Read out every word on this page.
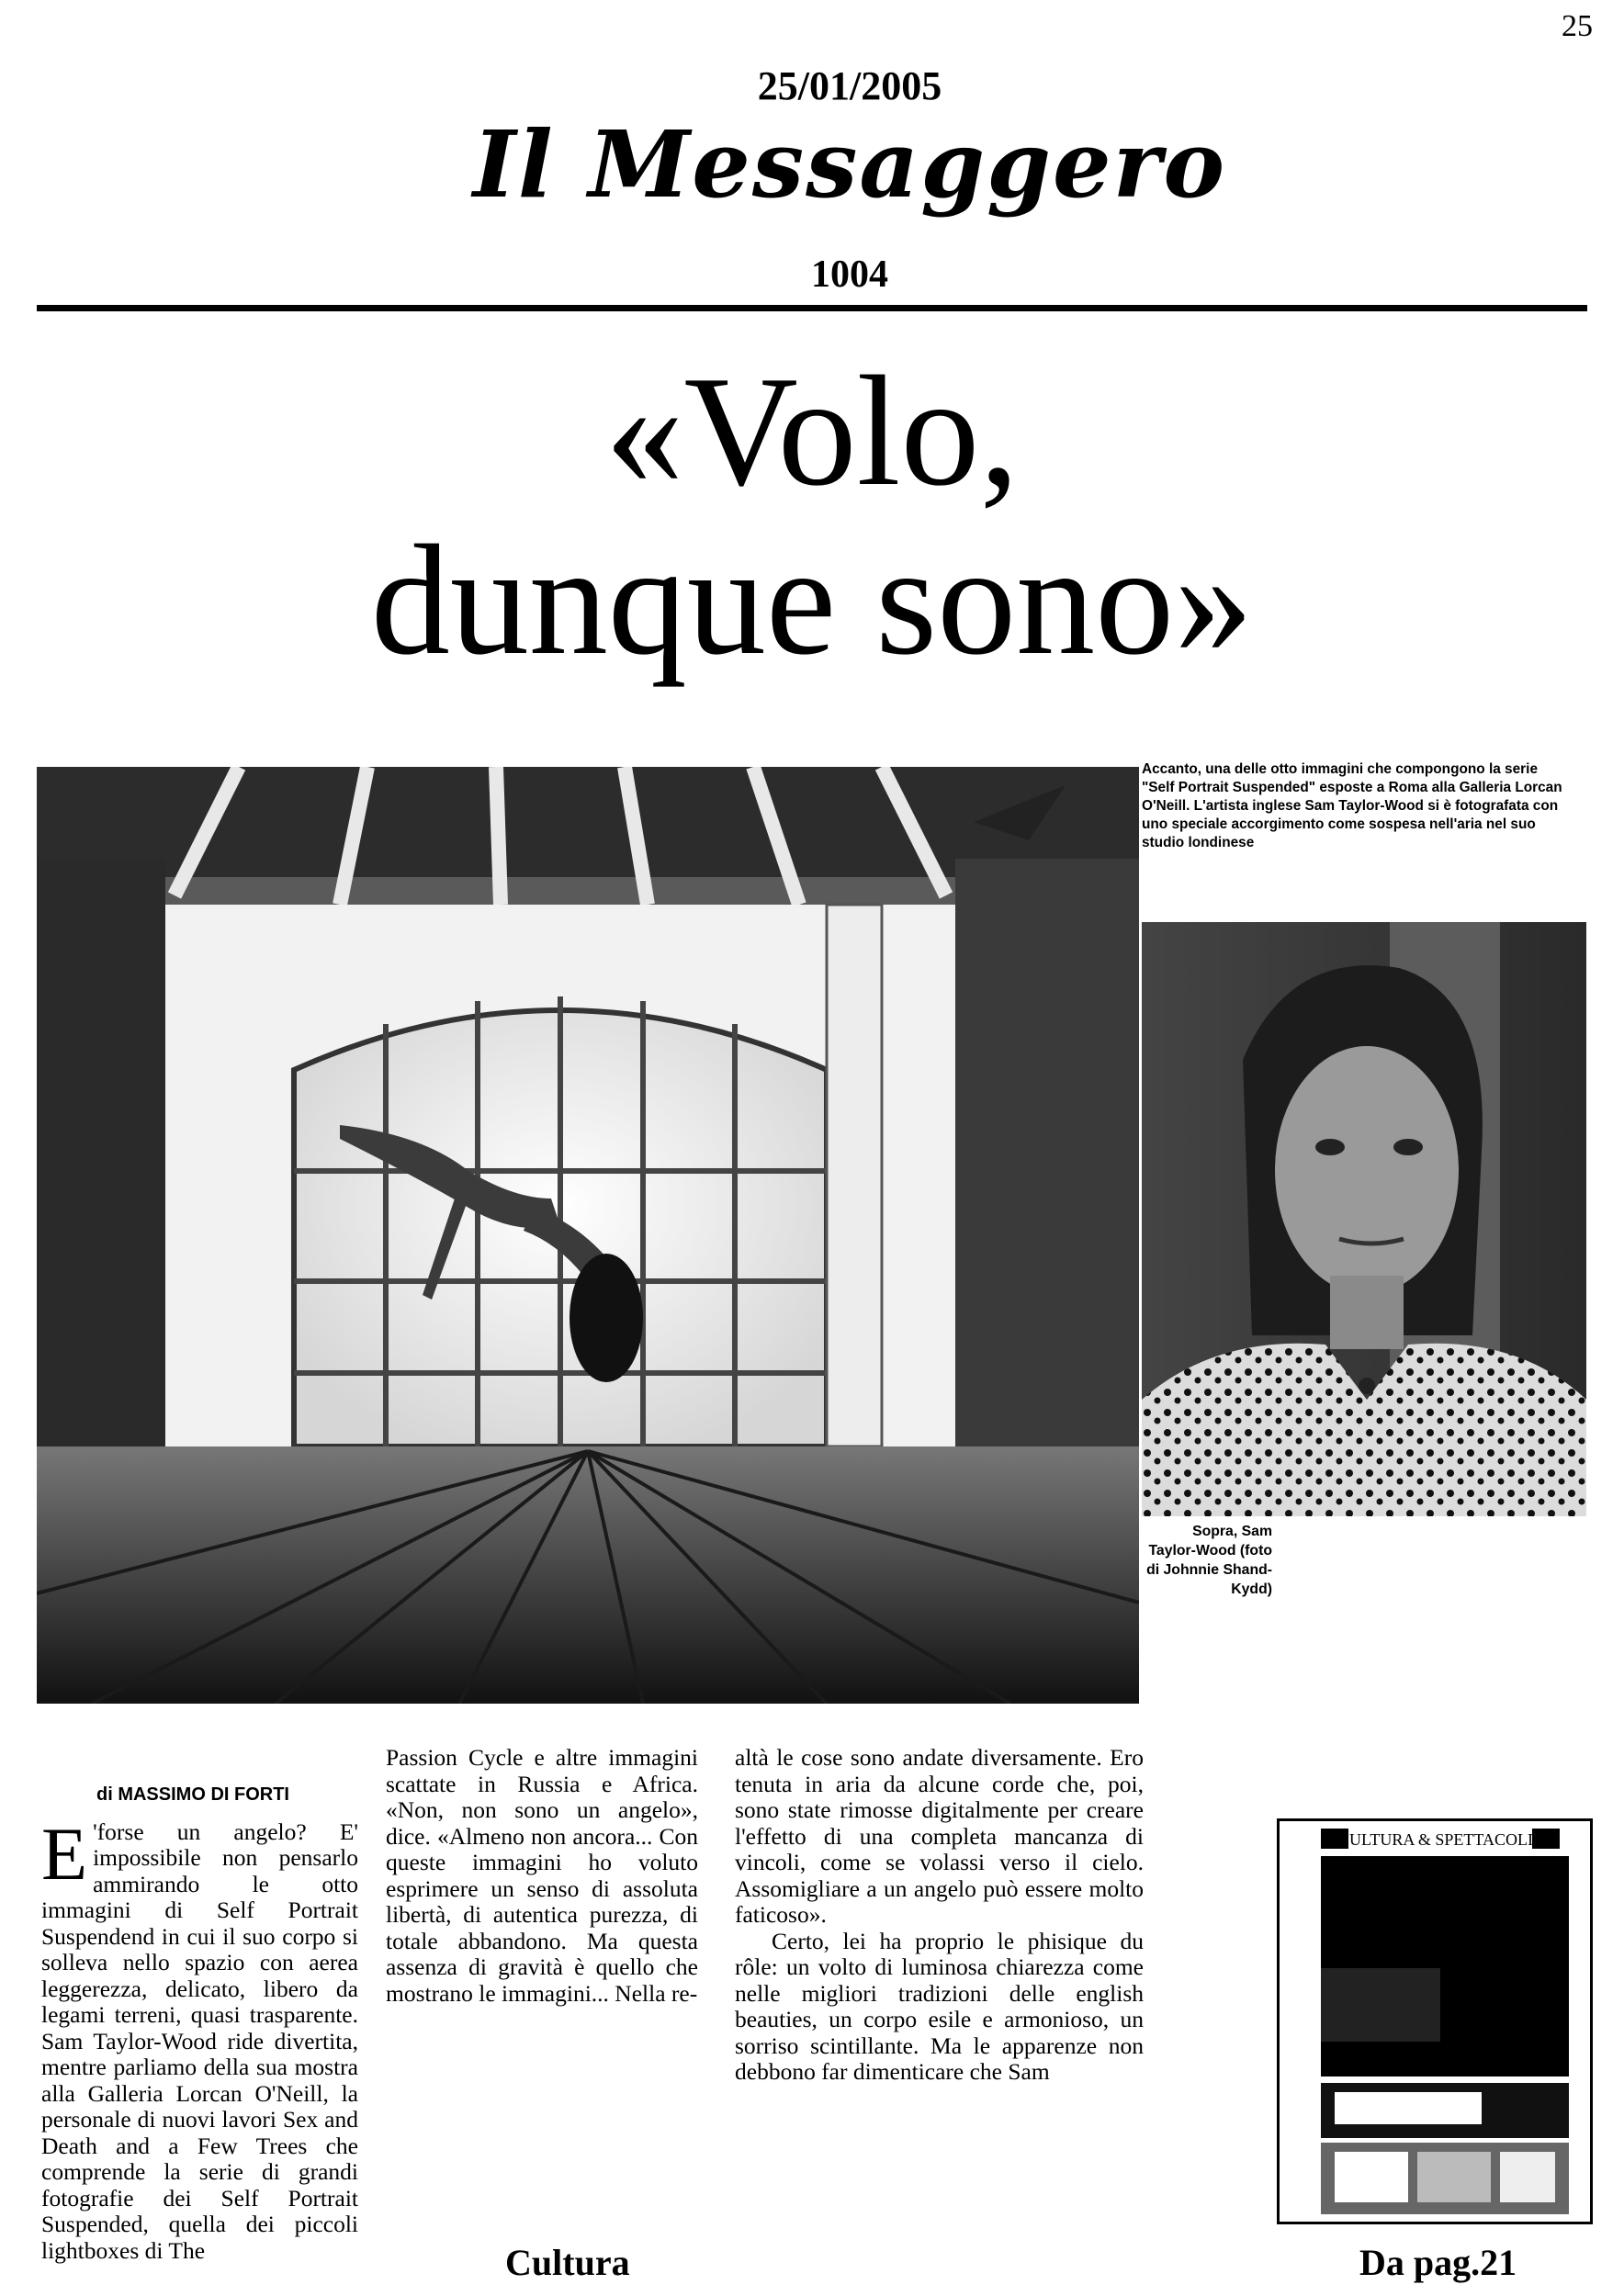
25
25/01/2005
Il Messaggero
1004
«Volo,
dunque sono»
Accanto, una delle otto immagini che compongono la serie "Self Portrait Suspended" esposte a Roma alla Galleria Lorcan O'Neill. L'artista inglese Sam Taylor-Wood si è fotografata con uno speciale accorgimento come sospesa nell'aria nel suo studio londinese
Sopra, Sam Taylor-Wood (foto di Johnnie Shand-Kydd)
di MASSIMO DI FORTI
E 'forse un angelo? E' impossibile non pensarlo ammirando le otto immagini di Self Portrait Suspendend in cui il suo corpo si solleva nello spazio con aerea leggerezza, delicato, libero da legami terreni, quasi trasparente. Sam Taylor-Wood ride divertita, mentre parliamo della sua mostra alla Galleria Lorcan O'Neill, la personale di nuovi lavori Sex and Death and a Few Trees che comprende la serie di grandi fotografie dei Self Portrait Suspended, quella dei piccoli lightboxes di The

Passion Cycle e altre immagini scattate in Russia e Africa. «Non, non sono un angelo», dice. «Almeno non ancora... Con queste immagini ho voluto esprimere un senso di assoluta libertà, di autentica purezza, di totale abbandono. Ma questa assenza di gravità è quello che mostrano le immagini... Nella re-

altà le cose sono andate diversamente. Ero tenuta in aria da alcune corde che, poi, sono state rimosse digitalmente per creare l'effetto di una completa mancanza di vincoli, come se volassi verso il cielo. Assomigliare a un angelo può essere molto faticoso».

Certo, lei ha proprio le phisique du rôle: un volto di luminosa chiarezza come nelle migliori tradizioni delle english beauties, un corpo esile e armonioso, un sorriso scintillante. Ma le apparenze non debbono far dimenticare che Sam

Cultura
CULTURA & SPETTACOLI
Da pag.21
